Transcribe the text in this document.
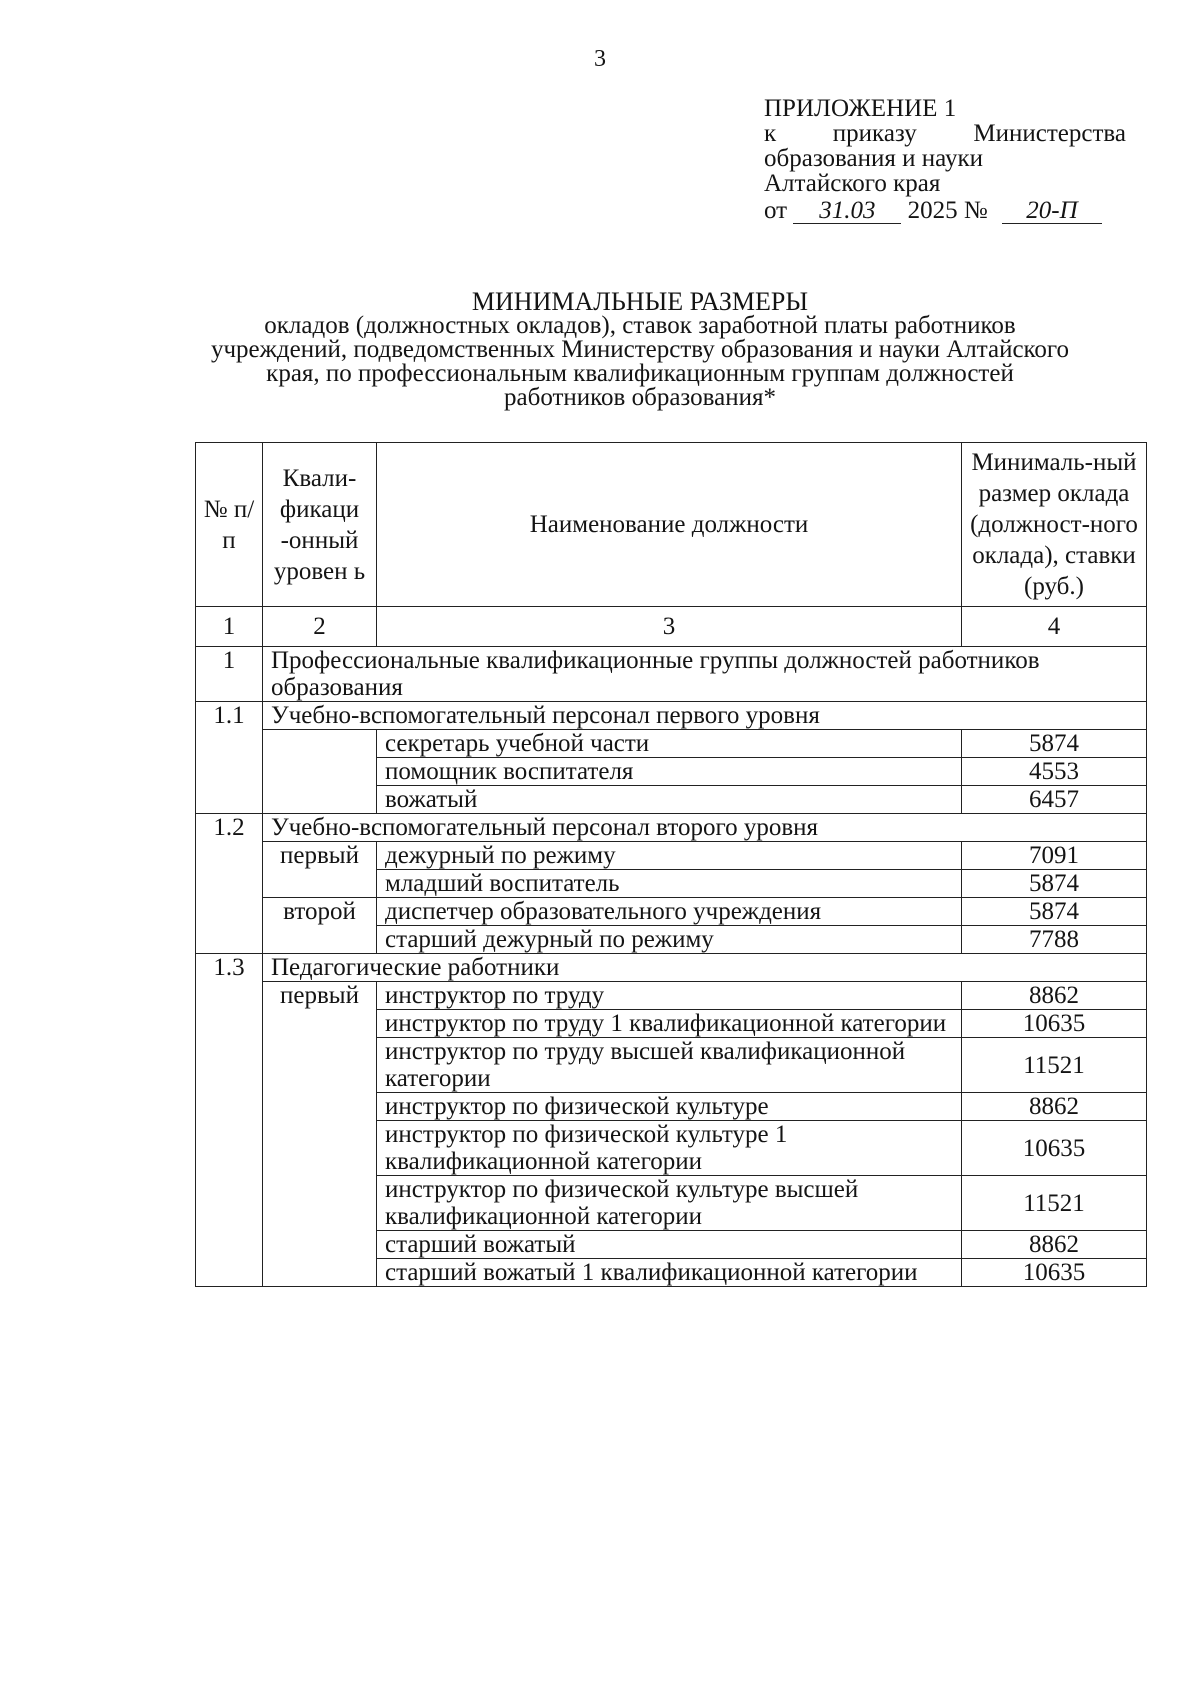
3
ПРИЛОЖЕНИЕ 1
к приказу Министерства
образования и науки
Алтайского края
от 31.03 2025 № 20-П
МИНИМАЛЬНЫЕ РАЗМЕРЫ
окладов (должностных окладов), ставок заработной платы работников
учреждений, подведомственных Министерству образования и науки Алтайского
края, по профессиональным квалификационным группам должностей
работников образования*
№ п/п	Квали-фикаци -онный уровен ь	Наименование должности	Минималь-ный размер оклада (должност-ного оклада), ставки (руб.)
1	2	3	4
1	Профессиональные квалификационные группы должностей работников образования		
1.1	Учебно-вспомогательный персонал первого уровня		
		секретарь учебной части	5874
		помощник воспитателя	4553
		вожатый	6457
1.2	Учебно-вспомогательный персонал второго уровня		
	первый	дежурный по режиму	7091
		младший воспитатель	5874
	второй	диспетчер образовательного учреждения	5874
		старший дежурный по режиму	7788
1.3	Педагогические работники		
	первый	инструктор по труду	8862
		инструктор по труду 1 квалификационной категории	10635
		инструктор по труду высшей квалификационной категории	11521
		инструктор по физической культуре	8862
		инструктор по физической культуре 1 квалификационной категории	10635
		инструктор по физической культуре высшей квалификационной категории	11521
		старший вожатый	8862
		старший вожатый 1 квалификационной категории	10635
